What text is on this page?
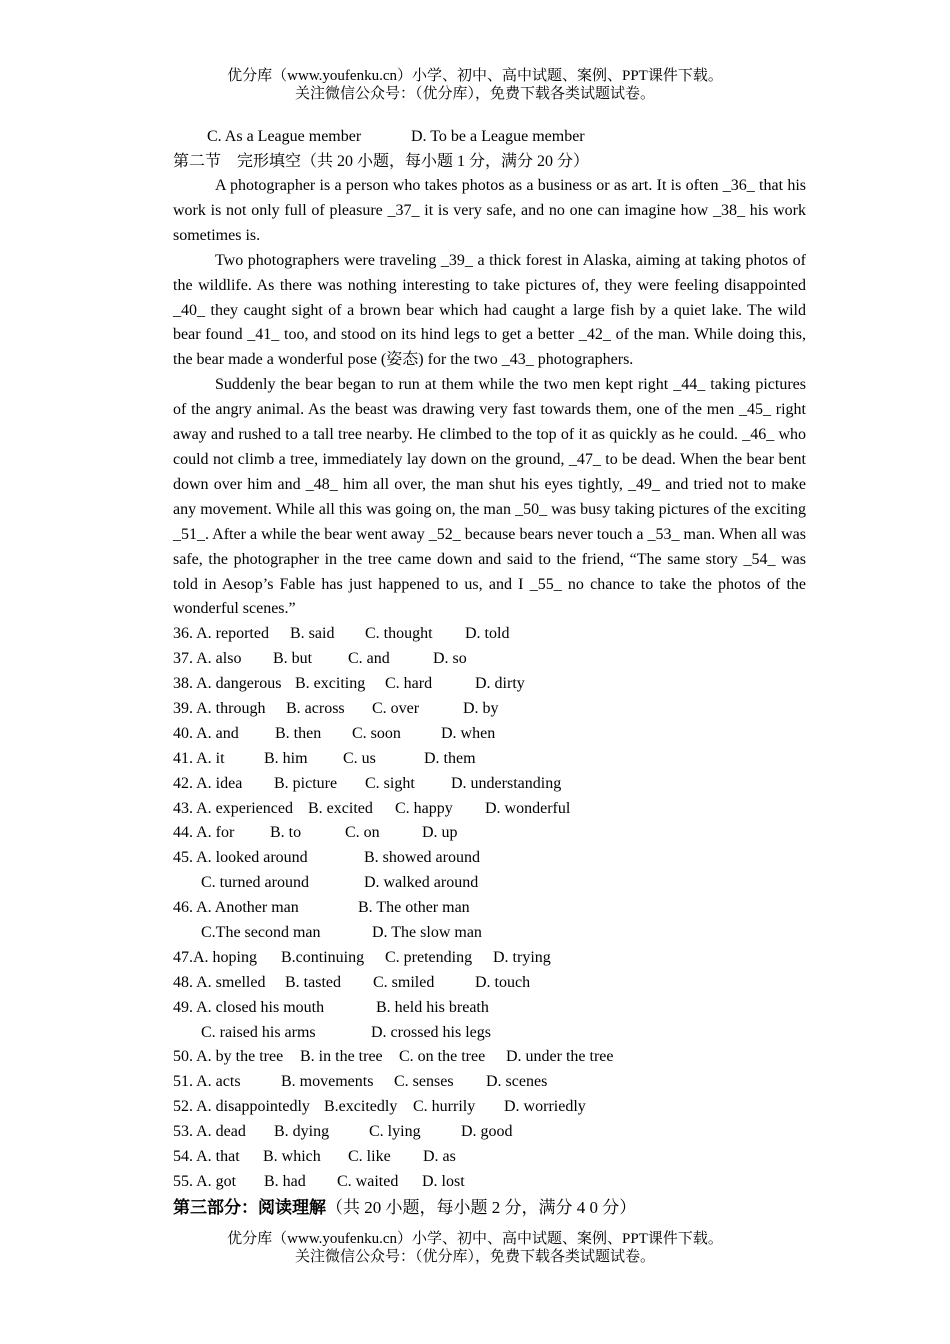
优分库（www.youfenku.cn）小学、初中、高中试题、案例、PPT课件下载。
关注微信公众号：（优分库），免费下载各类试题试卷。
C. As a League member	D. To be a League member
第二节　完形填空（共 20 小题，每小题 1 分，满分 20 分）

A photographer is a person who takes photos as a business or as art. It is often _36_ that his work is not only full of pleasure _37_ it is very safe, and no one can imagine how _38_ his work sometimes is.

Two photographers were traveling _39_ a thick forest in Alaska, aiming at taking photos of the wildlife. As there was nothing interesting to take pictures of, they were feeling disappointed _40_ they caught sight of a brown bear which had caught a large fish by a quiet lake. The wild bear found _41_ too, and stood on its hind legs to get a better _42_ of the man. While doing this, the bear made a wonderful pose (姿态) for the two _43_ photographers.

Suddenly the bear began to run at them while the two men kept right _44_ taking pictures of the angry animal. As the beast was drawing very fast towards them, one of the men _45_ right away and rushed to a tall tree nearby. He climbed to the top of it as quickly as he could. _46_ who could not climb a tree, immediately lay down on the ground, _47_ to be dead. When the bear bent down over him and _48_ him all over, the man shut his eyes tightly, _49_ and tried not to make any movement. While all this was going on, the man _50_ was busy taking pictures of the exciting _51_. After a while the bear went away _52_ because bears never touch a _53_ man. When all was safe, the photographer in the tree came down and said to the friend, “The same story _54_ was told in Aesop’s Fable has just happened to us, and I _55_ no chance to take the photos of the wonderful scenes.”

36. A. reported B. said C. thought D. told
37. A. also B. but C. and	D. so
38. A. dangerous B. exciting C. hard	D. dirty
39. A. through B. across C. over	D. by
40. A. and B. then C. soon	D. when
41. A. it B. him C. us	D. them
42. A. idea B. picture C. sight D. understanding
43. A. experienced B. excited C. happy D. wonderful
44. A. for B. to	C. on	D. up
45. A. looked around	B. showed around
C. turned around	D. walked around
46. A. Another man	B. The other man
C.The second man	D. The slow man
47.A. hoping B.continuing C. pretending D. trying
48. A. smelled B. tasted C. smiled	D. touch
49. A. closed his mouth	B. held his breath
C. raised his arms	D. crossed his legs
50. A. by the tree B. in the tree C. on the tree D. under the tree
51. A. acts	B. movements C. senses D. scenes
52. A. disappointedly B.excitedly C. hurrily D. worriedly
53. A. dead B. dying C. lying	D. good
54. A. that B. which C. like D. as
55. A. got B. had C. waited D. lost
第三部分：阅读理解（共 20 小题，每小题 2 分，满分 4 0 分）
优分库（www.youfenku.cn）小学、初中、高中试题、案例、PPT课件下载。
关注微信公众号：（优分库），免费下载各类试题试卷。
